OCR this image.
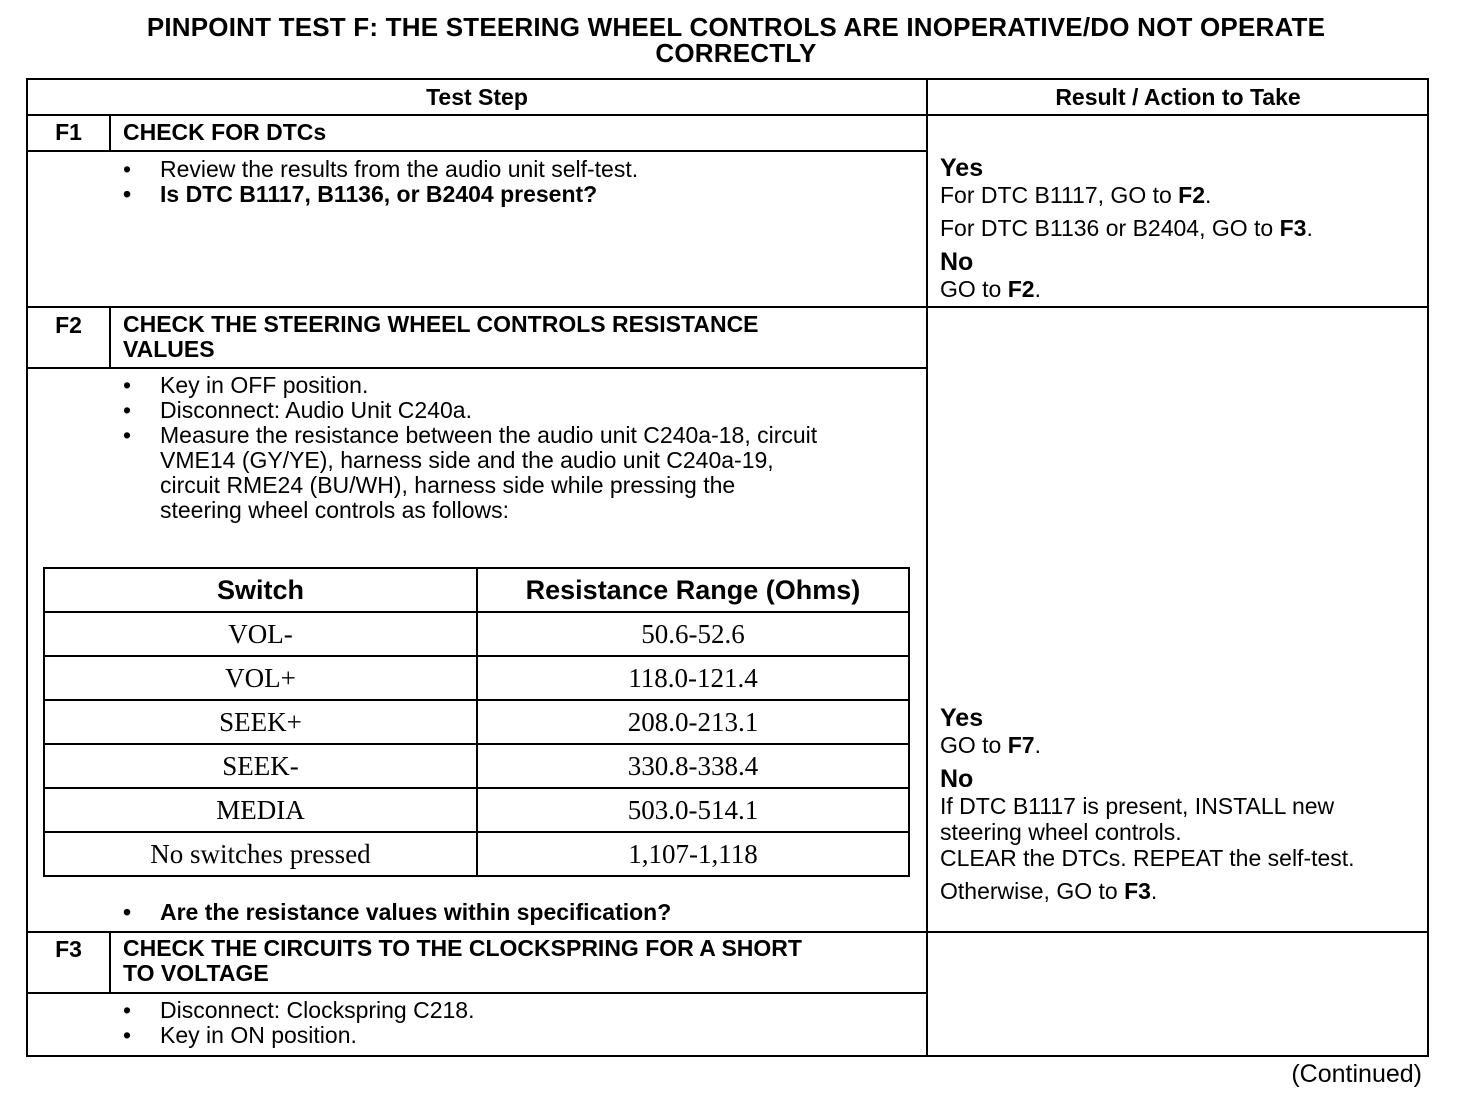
PINPOINT TEST F: THE STEERING WHEEL CONTROLS ARE INOPERATIVE/DO NOT OPERATE
CORRECTLY
Test Step	Result / Action to Take
F1	CHECK FOR DTCs
• Review the results from the audio unit self-test.
• Is DTC B1117, B1136, or B2404 present?
Yes
For DTC B1117, GO to F2.
For DTC B1136 or B2404, GO to F3.
No
GO to F2.
F2	CHECK THE STEERING WHEEL CONTROLS RESISTANCE
VALUES
• Key in OFF position.
• Disconnect: Audio Unit C240a.
• Measure the resistance between the audio unit C240a-18, circuit
VME14 (GY/YE), harness side and the audio unit C240a-19,
circuit RME24 (BU/WH), harness side while pressing the
steering wheel controls as follows:
Switch	Resistance Range (Ohms)
VOL-	50.6-52.6
VOL+	118.0-121.4
SEEK+	208.0-213.1
SEEK-	330.8-338.4
MEDIA	503.0-514.1
No switches pressed	1,107-1,118
• Are the resistance values within specification?
Yes
GO to F7.
No
If DTC B1117 is present, INSTALL new
steering wheel controls.
CLEAR the DTCs. REPEAT the self-test.
Otherwise, GO to F3.
F3	CHECK THE CIRCUITS TO THE CLOCKSPRING FOR A SHORT
TO VOLTAGE
• Disconnect: Clockspring C218.
• Key in ON position.
(Continued)
